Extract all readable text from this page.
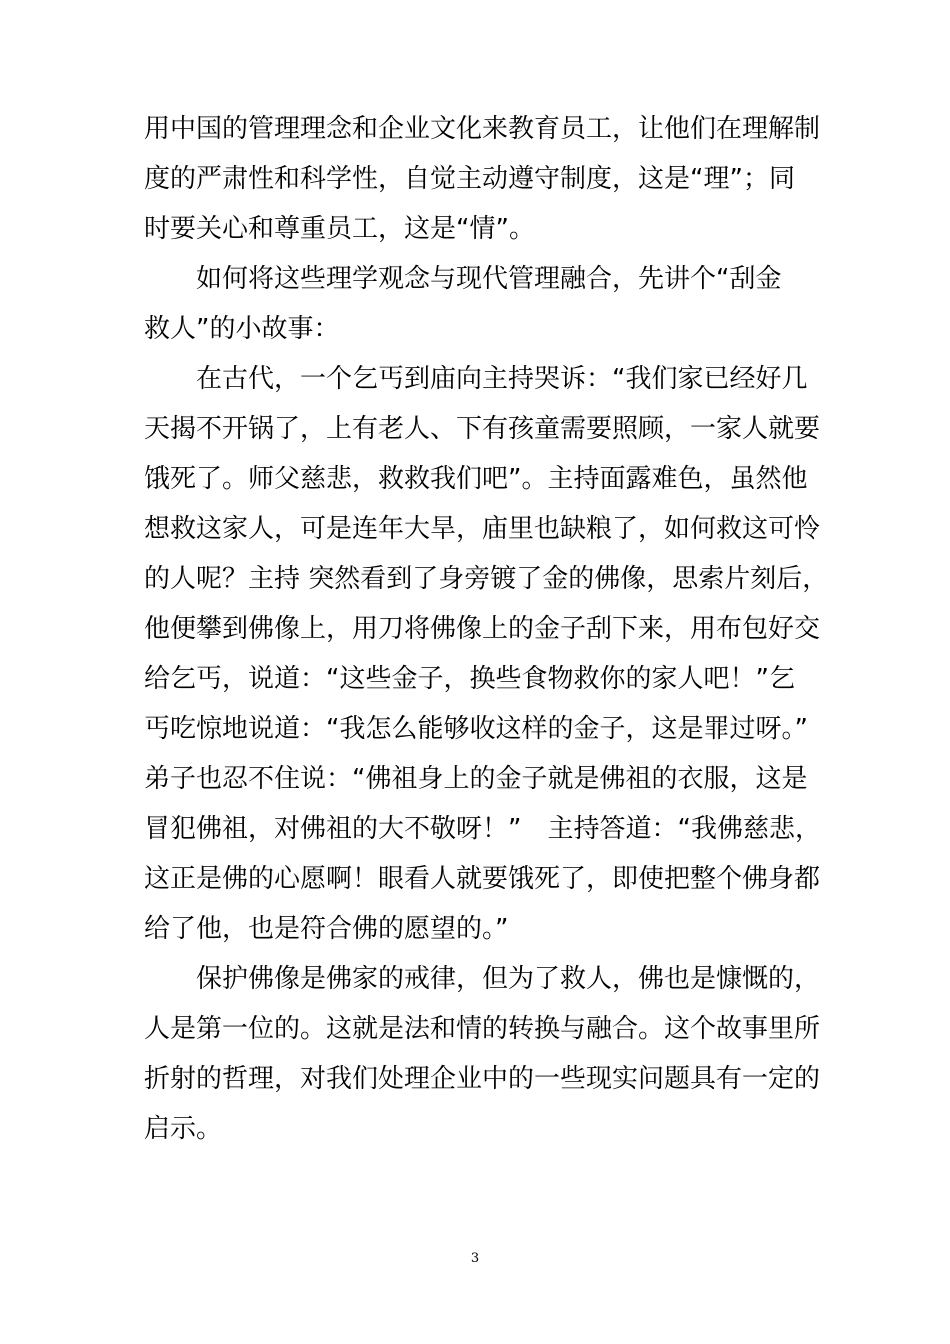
用中国的管理理念和企业文化来教育员工，让他们在理解制
度的严肃性和科学性，自觉主动遵守制度，这是“理”；同
时要关心和尊重员工，这是“情”。
如何将这些理学观念与现代管理融合，先讲个“刮金
救人”的小故事：
在古代，一个乞丐到庙向主持哭诉：“我们家已经好几
天揭不开锅了，上有老人、下有孩童需要照顾，一家人就要
饿死了。师父慈悲，救救我们吧”。主持面露难色，虽然他
想救这家人，可是连年大旱，庙里也缺粮了，如何救这可怜
的人呢？主持 突然看到了身旁镀了金的佛像，思索片刻后，
他便攀到佛像上，用刀将佛像上的金子刮下来，用布包好交
给乞丐，说道：“这些金子，换些食物救你的家人吧！”乞
丐吃惊地说道：“我怎么能够收这样的金子，这是罪过呀。”
弟子也忍不住说：“佛祖身上的金子就是佛祖的衣服，这是
冒犯佛祖，对佛祖的大不敬呀！”　主持答道：“我佛慈悲，
这正是佛的心愿啊！眼看人就要饿死了，即使把整个佛身都
给了他，也是符合佛的愿望的。”
保护佛像是佛家的戒律，但为了救人，佛也是慷慨的，
人是第一位的。这就是法和情的转换与融合。这个故事里所
折射的哲理，对我们处理企业中的一些现实问题具有一定的
启示。
3
